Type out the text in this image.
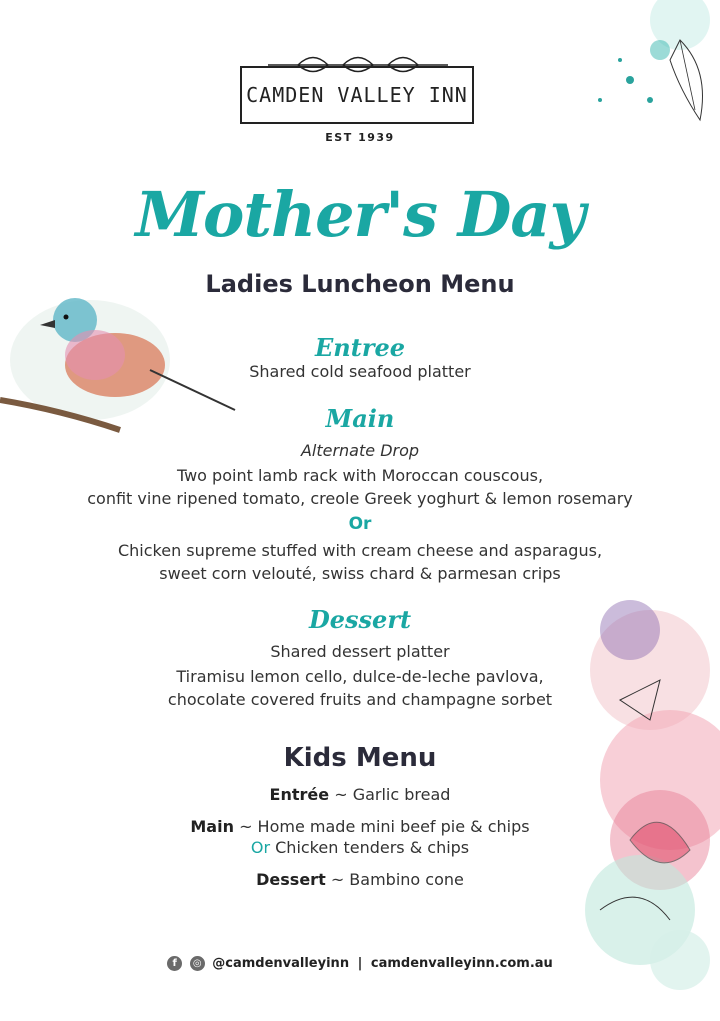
CAMDEN VALLEY INN
EST 1939
Mother's Day
Ladies Luncheon Menu
Entree
Shared cold seafood platter
Main
Alternate Drop
Two point lamb rack with Moroccan couscous,
confit vine ripened tomato, creole Greek yoghurt & lemon rosemary
Or
Chicken supreme stuffed with cream cheese and asparagus,
sweet corn velouté, swiss chard & parmesan crips
Dessert
Shared dessert platter
Tiramisu lemon cello, dulce-de-leche pavlova,
chocolate covered fruits and champagne sorbet
Kids Menu
Entrée ~ Garlic bread
Main ~ Home made mini beef pie & chips
Or Chicken tenders & chips
Dessert ~ Bambino cone
f ◎ @camdenvalleyinn | camdenvalleyinn.com.au
